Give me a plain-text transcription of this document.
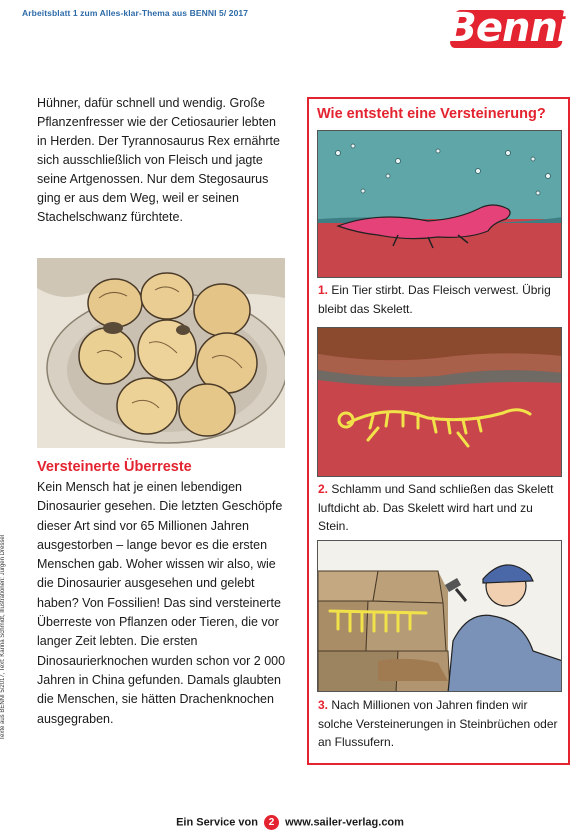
Arbeitsblatt 1 zum Alles-klar-Thema aus BENNI 5/ 2017	Benni
Hühner, dafür schnell und wendig. Große Pflanzenfresser wie der Cetiosaurier lebten in Herden. Der Tyrannosaurus Rex ernährte sich ausschließlich von Fleisch und jagte seine Artgenossen. Nur dem Stegosaurus ging er aus dem Weg, weil er seinen Stachelschwanz fürchtete.
Versteinerte Überreste
Kein Mensch hat je einen lebendigen Dinosaurier gesehen. Die letzten Geschöpfe dieser Art sind vor 65 Millionen Jahren ausgestorben – lange bevor es die ersten Menschen gab. Woher wissen wir also, wie die Dinosaurier ausgesehen und gelebt haben? Von Fossilien! Das sind versteinerte Überreste von Pflanzen oder Tieren, die vor langer Zeit lebten. Die ersten Dinosaurierknochen wurden schon vor 2 000 Jahren in China gefunden. Damals glaubten die Menschen, sie hätten Drachenknochen ausgegraben.
Texte aus BENNI 5/2017, Text: Karina Schmidt, Illustrationen: Jürgen Dressel
Wie entsteht eine Versteinerung?
1. Ein Tier stirbt. Das Fleisch verwest. Übrig bleibt das Skelett.
2. Schlamm und Sand schließen das Skelett luftdicht ab. Das Skelett wird hart und zu Stein.
3. Nach Millionen von Jahren finden wir solche Versteinerungen in Steinbrüchen oder an Flussufern.
Ein Service von 2 www.sailer-verlag.com
